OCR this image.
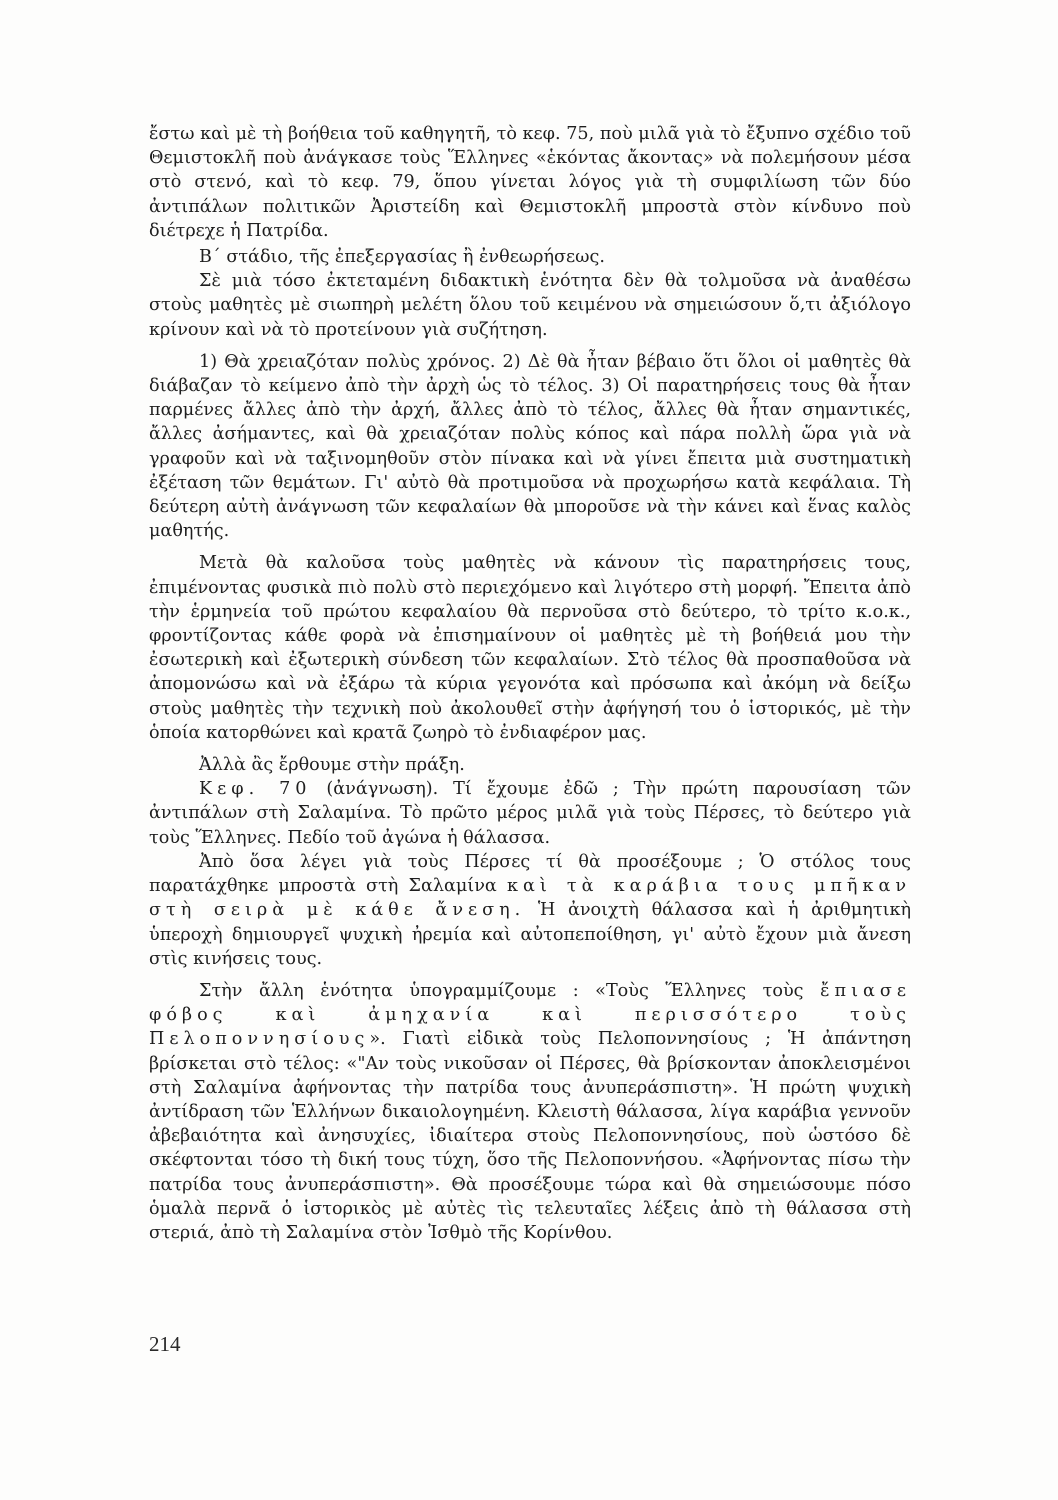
ἔστω καὶ μὲ τὴ βοήθεια τοῦ καθηγητῆ, τὸ κεφ. 75, ποὺ μιλᾶ γιὰ τὸ ἔξυπνο σχέδιο τοῦ Θεμιστοκλῆ ποὺ ἀνάγκασε τοὺς Ἕλληνες «ἑκόντας ἄκοντας» νὰ πολεμήσουν μέσα στὸ στενό, καὶ τὸ κεφ. 79, ὅπου γίνεται λόγος γιὰ τὴ συμφιλίωση τῶν δύο ἀντιπάλων πολιτικῶν Ἀριστείδη καὶ Θεμιστοκλῆ μπροστὰ στὸν κίνδυνο ποὺ διέτρεχε ἡ Πατρίδα.

Β΄ στάδιο, τῆς ἐπεξεργασίας ἢ ἐνθεωρήσεως.

Σὲ μιὰ τόσο ἐκτεταμένη διδακτικὴ ἑνότητα δὲν θὰ τολμοῦσα νὰ ἀναθέσω στοὺς μαθητὲς μὲ σιωπηρὴ μελέτη ὅλου τοῦ κειμένου νὰ σημειώσουν ὅ,τι ἀξιόλογο κρίνουν καὶ νὰ τὸ προτείνουν γιὰ συζήτηση.

1) Θὰ χρειαζόταν πολὺς χρόνος. 2) Δὲ θὰ ἦταν βέβαιο ὅτι ὅλοι οἱ μαθητὲς θὰ διάβαζαν τὸ κείμενο ἀπὸ τὴν ἀρχὴ ὡς τὸ τέλος. 3) Οἱ παρατηρήσεις τους θὰ ἦταν παρμένες ἄλλες ἀπὸ τὴν ἀρχή, ἄλλες ἀπὸ τὸ τέλος, ἄλλες θὰ ἦταν σημαντικές, ἄλλες ἀσήμαντες, καὶ θὰ χρειαζόταν πολὺς κόπος καὶ πάρα πολλὴ ὥρα γιὰ νὰ γραφοῦν καὶ νὰ ταξινομηθοῦν στὸν πίνακα καὶ νὰ γίνει ἔπειτα μιὰ συστηματικὴ ἐξέταση τῶν θεμάτων. Γι' αὐτὸ θὰ προτιμοῦσα νὰ προχωρήσω κατὰ κεφάλαια. Τὴ δεύτερη αὐτὴ ἀνάγνωση τῶν κεφαλαίων θὰ μποροῦσε νὰ τὴν κάνει καὶ ἕνας καλὸς μαθητής.

Μετὰ θὰ καλοῦσα τοὺς μαθητὲς νὰ κάνουν τὶς παρατηρήσεις τους, ἐπιμένοντας φυσικὰ πιὸ πολὺ στὸ περιεχόμενο καὶ λιγότερο στὴ μορφή. Ἔπειτα ἀπὸ τὴν ἑρμηνεία τοῦ πρώτου κεφαλαίου θὰ περνοῦσα στὸ δεύτερο, τὸ τρίτο κ.ο.κ., φροντίζοντας κάθε φορὰ νὰ ἐπισημαίνουν οἱ μαθητὲς μὲ τὴ βοήθειά μου τὴν ἐσωτερικὴ καὶ ἐξωτερικὴ σύνδεση τῶν κεφαλαίων. Στὸ τέλος θὰ προσπαθοῦσα νὰ ἀπομονώσω καὶ νὰ ἐξάρω τὰ κύρια γεγονότα καὶ πρόσωπα καὶ ἀκόμη νὰ δείξω στοὺς μαθητὲς τὴν τεχνικὴ ποὺ ἀκολουθεῖ στὴν ἀφήγησή του ὁ ἱστορικός, μὲ τὴν ὁποία κατορθώνει καὶ κρατᾶ ζωηρὸ τὸ ἐνδιαφέρον μας.

Ἀλλὰ ἂς ἔρθουμε στὴν πράξη.

Κεφ. 70 (ἀνάγνωση). Τί ἔχουμε ἐδῶ ; Τὴν πρώτη παρουσίαση τῶν ἀντιπάλων στὴ Σαλαμίνα. Τὸ πρῶτο μέρος μιλᾶ γιὰ τοὺς Πέρσες, τὸ δεύτερο γιὰ τοὺς Ἕλληνες. Πεδίο τοῦ ἀγώνα ἡ θάλασσα.

Ἀπὸ ὅσα λέγει γιὰ τοὺς Πέρσες τί θὰ προσέξουμε ; Ὁ στόλος τους παρατάχθηκε μπροστὰ στὴ Σαλαμίνα καὶ τὰ καράβια τους μπῆκαν στὴ σειρὰ μὲ κάθε ἄνεση. Ἡ ἀνοιχτὴ θάλασσα καὶ ἡ ἀριθμητικὴ ὑπεροχὴ δημιουργεῖ ψυχικὴ ἠρεμία καὶ αὐτοπεποίθηση, γι' αὐτὸ ἔχουν μιὰ ἄνεση στὶς κινήσεις τους.

Στὴν ἄλλη ἑνότητα ὑπογραμμίζουμε : «Τοὺς Ἕλληνες τοὺς ἔπιασε φόβος καὶ ἀμηχανία καὶ περισσότερο τοὺς Πελοποννησίους». Γιατὶ εἰδικὰ τοὺς Πελοποννησίους ; Ἡ ἀπάντηση βρίσκεται στὸ τέλος: «"Αν τοὺς νικοῦσαν οἱ Πέρσες, θὰ βρίσκονταν ἀποκλεισμένοι στὴ Σαλαμίνα ἀφήνοντας τὴν πατρίδα τους ἀνυπεράσπιστη». Ἡ πρώτη ψυχικὴ ἀντίδραση τῶν Ἑλλήνων δικαιολογημένη. Κλειστὴ θάλασσα, λίγα καράβια γεννοῦν ἀβεβαιότητα καὶ ἀνησυχίες, ἰδιαίτερα στοὺς Πελοποννησίους, ποὺ ὡστόσο δὲ σκέφτονται τόσο τὴ δική τους τύχη, ὅσο τῆς Πελοποννήσου. «Ἀφήνοντας πίσω τὴν πατρίδα τους ἀνυπεράσπιστη». Θὰ προσέξουμε τώρα καὶ θὰ σημειώσουμε πόσο ὁμαλὰ περνᾶ ὁ ἱστορικὸς μὲ αὐτὲς τὶς τελευταῖες λέξεις ἀπὸ τὴ θάλασσα στὴ στεριά, ἀπὸ τὴ Σαλαμίνα στὸν Ἰσθμὸ τῆς Κορίνθου.

214
